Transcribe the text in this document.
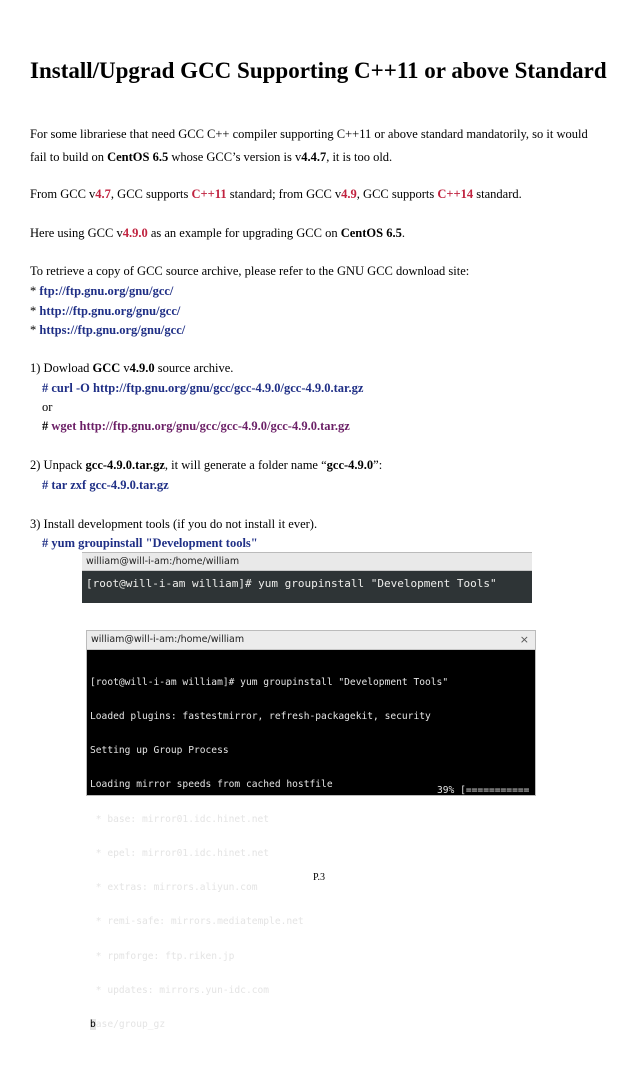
Install/Upgrad GCC Supporting C++11 or above Standard
For some librariese that need GCC C++ compiler supporting C++11 or above standard mandatorily, so it would
fail to build on CentOS 6.5 whose GCC’s version is v4.4.7, it is too old.
From GCC v4.7, GCC supports C++11 standard; from GCC v4.9, GCC supports C++14 standard.
Here using GCC v4.9.0 as an example for upgrading GCC on CentOS 6.5.
To retrieve a copy of GCC source archive, please refer to the GNU GCC download site:
* ftp://ftp.gnu.org/gnu/gcc/
* http://ftp.gnu.org/gnu/gcc/
* https://ftp.gnu.org/gnu/gcc/
1) Dowload GCC v4.9.0 source archive.
# curl -O http://ftp.gnu.org/gnu/gcc/gcc-4.9.0/gcc-4.9.0.tar.gz
or
# wget http://ftp.gnu.org/gnu/gcc/gcc-4.9.0/gcc-4.9.0.tar.gz
2) Unpack gcc-4.9.0.tar.gz, it will generate a folder name “gcc-4.9.0”:
# tar zxf gcc-4.9.0.tar.gz
3) Install development tools (if you do not install it ever).
# yum groupinstall "Development tools"
william@will-i-am:/home/william
[root@will-i-am william]# yum groupinstall "Development Tools"
william@will-i-am:/home/william	×

[root@will-i-am william]# yum groupinstall "Development Tools"

Loaded plugins: fastestmirror, refresh-packagekit, security

Setting up Group Process

Loading mirror speeds from cached hostfile

* base: mirror01.idc.hinet.net

* epel: mirror01.idc.hinet.net

* extras: mirrors.aliyun.com

* remi-safe: mirrors.mediatemple.net

* rpmforge: ftp.riken.jp

* updates: mirrors.yun-idc.com

base/group_gz

39% [===========

P.3
